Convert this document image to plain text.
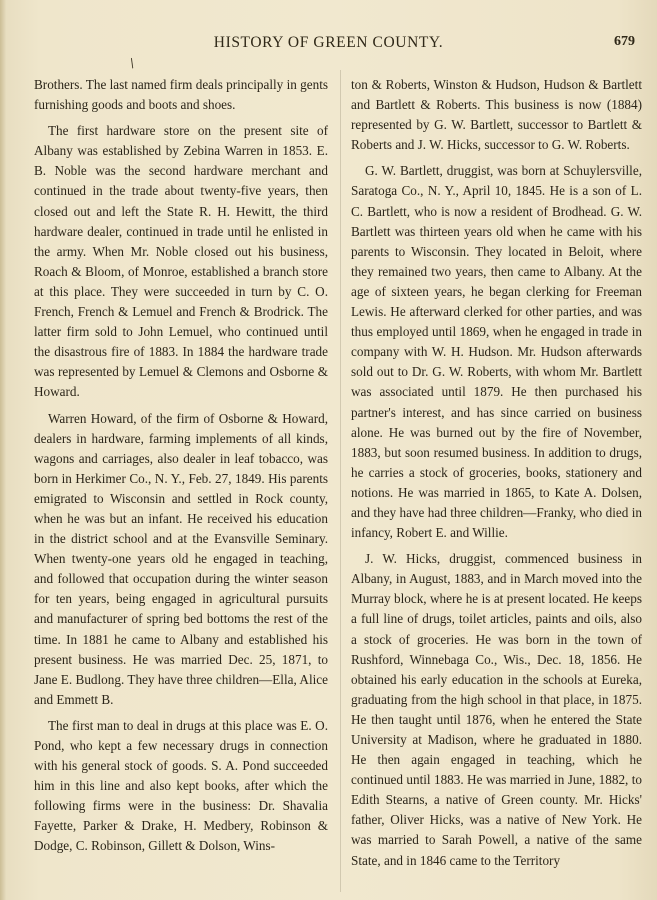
HISTORY OF GREEN COUNTY.	679
/

Brothers. The last named firm deals principally in gents furnishing goods and boots and shoes.

The first hardware store on the present site of Albany was established by Zebina Warren in 1853. E. B. Noble was the second hardware merchant and continued in the trade about twenty-five years, then closed out and left the State R. H. Hewitt, the third hardware dealer, continued in trade until he enlisted in the army. When Mr. Noble closed out his business, Roach & Bloom, of Monroe, established a branch store at this place. They were succeeded in turn by C. O. French, French & Lemuel and French & Brodrick. The latter firm sold to John Lemuel, who continued until the disastrous fire of 1883. In 1884 the hardware trade was represented by Lemuel & Clemons and Osborne & Howard.

Warren Howard, of the firm of Osborne & Howard, dealers in hardware, farming implements of all kinds, wagons and carriages, also dealer in leaf tobacco, was born in Herkimer Co., N. Y., Feb. 27, 1849. His parents emigrated to Wisconsin and settled in Rock county, when he was but an infant. He received his education in the district school and at the Evansville Seminary. When twenty-one years old he engaged in teaching, and followed that occupation during the winter season for ten years, being engaged in agricultural pursuits and manufacturer of spring bed bottoms the rest of the time. In 1881 he came to Albany and established his present business. He was married Dec. 25, 1871, to Jane E. Budlong. They have three children—Ella, Alice and Emmett B.

The first man to deal in drugs at this place was E. O. Pond, who kept a few necessary drugs in connection with his general stock of goods. S. A. Pond succeeded him in this line and also kept books, after which the following firms were in the business: Dr. Shavalia Fayette, Parker & Drake, H. Medbery, Robinson & Dodge, C. Robinson, Gillett & Dolson, Wins-

ton & Roberts, Winston & Hudson, Hudson & Bartlett and Bartlett & Roberts. This business is now (1884) represented by G. W. Bartlett, successor to Bartlett & Roberts and J. W. Hicks, successor to G. W. Roberts.

G. W. Bartlett, druggist, was born at Schuylersville, Saratoga Co., N. Y., April 10, 1845. He is a son of L. C. Bartlett, who is now a resident of Brodhead. G. W. Bartlett was thirteen years old when he came with his parents to Wisconsin. They located in Beloit, where they remained two years, then came to Albany. At the age of sixteen years, he began clerking for Freeman Lewis. He afterward clerked for other parties, and was thus employed until 1869, when he engaged in trade in company with W. H. Hudson. Mr. Hudson afterwards sold out to Dr. G. W. Roberts, with whom Mr. Bartlett was associated until 1879. He then purchased his partner's interest, and has since carried on business alone. He was burned out by the fire of November, 1883, but soon resumed business. In addition to drugs, he carries a stock of groceries, books, stationery and notions. He was married in 1865, to Kate A. Dolsen, and they have had three children—Franky, who died in infancy, Robert E. and Willie.

J. W. Hicks, druggist, commenced business in Albany, in August, 1883, and in March moved into the Murray block, where he is at present located. He keeps a full line of drugs, toilet articles, paints and oils, also a stock of groceries. He was born in the town of Rushford, Winnebaga Co., Wis., Dec. 18, 1856. He obtained his early education in the schools at Eureka, graduating from the high school in that place, in 1875. He then taught until 1876, when he entered the State University at Madison, where he graduated in 1880. He then again engaged in teaching, which he continued until 1883. He was married in June, 1882, to Edith Stearns, a native of Green county. Mr. Hicks' father, Oliver Hicks, was a native of New York. He was married to Sarah Powell, a native of the same State, and in 1846 came to the Territory
